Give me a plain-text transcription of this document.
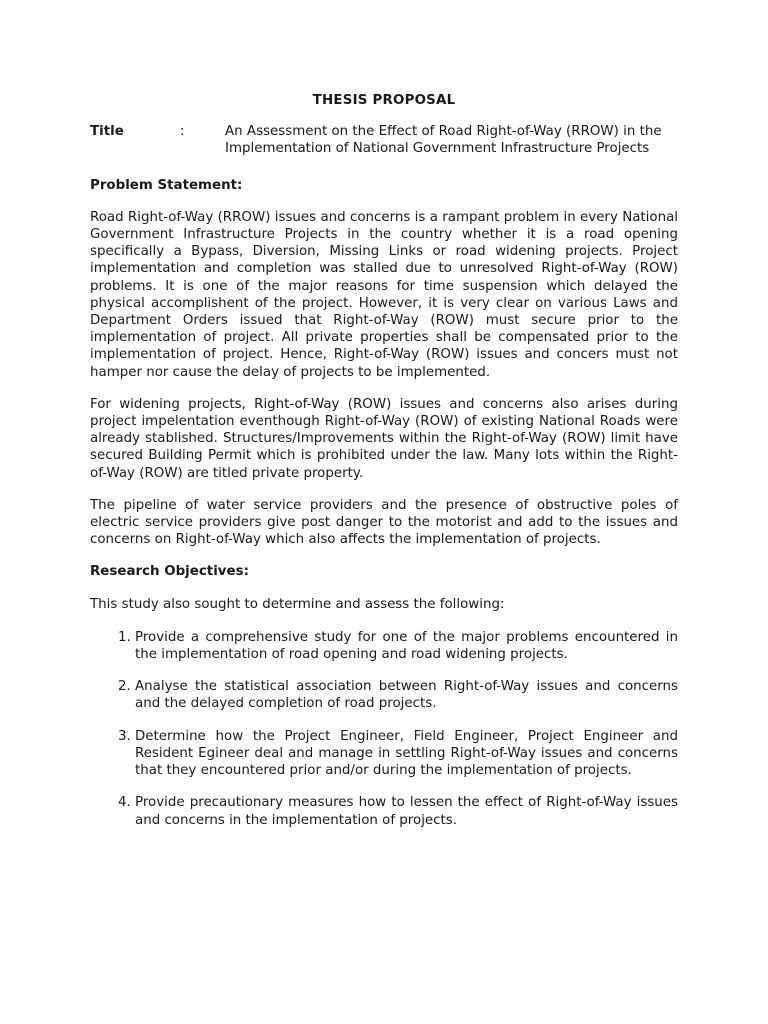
THESIS PROPOSAL
Title	:	An Assessment on the Effect of Road Right-of-Way (RROW) in the
Implementation of National Government Infrastructure Projects
Problem Statement:

Road Right-of-Way (RROW) issues and concerns is a rampant problem in every National Government Infrastructure Projects in the country whether it is a road opening specifically a Bypass, Diversion, Missing Links or road widening projects. Project implementation and completion was stalled due to unresolved Right-of-Way (ROW) problems. It is one of the major reasons for time suspension which delayed the physical accomplishent of the project. However, it is very clear on various Laws and Department Orders issued that Right-of-Way (ROW) must secure prior to the implementation of project. All private properties shall be compensated prior to the implementation of project. Hence, Right-of-Way (ROW) issues and concers must not hamper nor cause the delay of projects to be implemented.

For widening projects, Right-of-Way (ROW) issues and concerns also arises during project impelentation eventhough Right-of-Way (ROW) of existing National Roads were already stablished. Structures/Improvements within the Right-of-Way (ROW) limit have secured Building Permit which is prohibited under the law. Many lots within the Right-of-Way (ROW) are titled private property.

The pipeline of water service providers and the presence of obstructive poles of electric service providers give post danger to the motorist and add to the issues and concerns on Right-of-Way which also affects the implementation of projects.

Research Objectives:
This study also sought to determine and assess the following:
1. Provide a comprehensive study for one of the major problems encountered in the implementation of road opening and road widening projects.
2. Analyse the statistical association between Right-of-Way issues and concerns and the delayed completion of road projects.
3. Determine how the Project Engineer, Field Engineer, Project Engineer and Resident Egineer deal and manage in settling Right-of-Way issues and concerns that they encountered prior and/or during the implementation of projects.
4. Provide precautionary measures how to lessen the effect of Right-of-Way issues and concerns in the implementation of projects.
